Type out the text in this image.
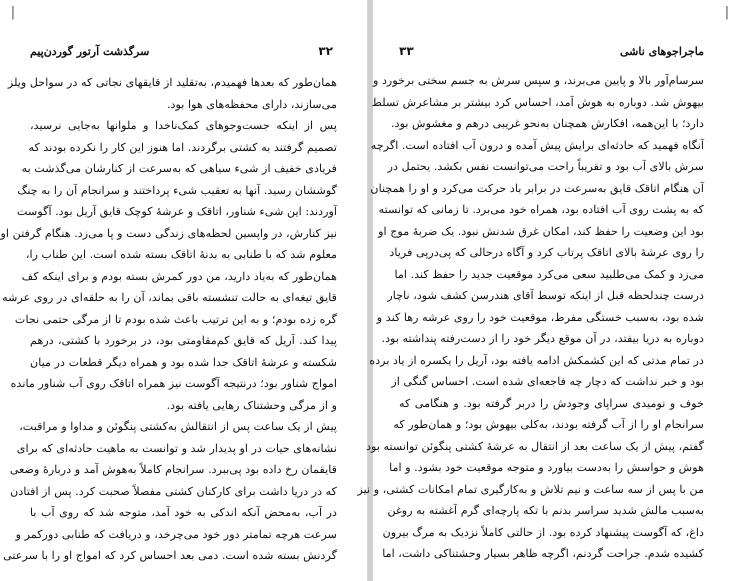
|
۳۲
سرگذشت آرتور گوردن‌پیم
همان‌طور که بعدها فهمیدم، به‌تقلید از قایقهای نجاتی که در سواحل ویلز
می‌سازند، دارای محفظه‌های هوا بود.
پس از اینکه جست‌وجوهای کمک‌ناخدا و ملوانها به‌جایی نرسید،
تصمیم گرفتند به کشتی برگردند. اما هنوز این کار را نکرده بودند که
فریادی خفیف از شیء سیاهی که به‌سرعت از کنارشان می‌گذشت به
گوششان رسید. آنها به تعقیب شیء پرداختند و سرانجام آن را به چنگ
آوردند: این شیء شناور، اتاقک و عرشهٔ کوچک قایق آریل بود. آگوست
نیز کنارش، در واپسین لحظه‌های زندگی دست و پا می‌زد. هنگام گرفتن او
معلوم شد که با طنابی به بدنهٔ اتاقک بسته شده است. این طناب را،
همان‌طور که به‌یاد دارید، من دور کمرش بسته بودم و برای اینکه کف
قایق تیغه‌ای به حالت تنشسته باقی بماند، آن را به حلقه‌ای در روی عرشه
گره زده بودم؛ و به این ترتیب باعث شده بودم تا از مرگی حتمی نجات
پیدا کند. آریل که قایق کم‌مقاومتی بود، در برخورد با کشتی، درهم
شکسته و عرشهٔ اتاقک جدا شده بود و همراه دیگر قطعات در میان
امواج شناور بود؛ درنتیجه آگوست نیز همراه اتاقک روی آب شناور مانده
و از مرگی وحشتناک رهایی یافته بود.
پیش از یک ساعت پس از انتقالش به‌کشتی پنگوئن و مداوا و مراقبت،
نشانه‌های حیات در او پدیدار شد و توانست به ماهیت حادثه‌ای که برای
قایقمان رخ داده بود پی‌ببرد. سرانجام کاملاً به‌هوش آمد و دربارهٔ وضعی
که در دریا داشت برای کارکنان کشتی مفصلاً صحبت کرد. پس از افتادن
در آب، به‌محض آنکه اندکی به خود آمد، متوجه شد که روی آب با
سرعت هرچه تمامتر دور خود می‌چرخد، و دریافت که طنابی دورکمر و
گردنش بسته شده است. دمی بعد احساس کرد که امواج او را با سرعتی
|
ماجراجوهای ناشی
۳۳
سرسام‌آور بالا و پایین می‌برند، و سپس سرش به جسم سختی برخورد و
بیهوش شد. دوباره به هوش آمد، احساس کرد بیشتر بر مشاعرش تسلط
دارد؛ با این‌همه، افکارش همچنان به‌نحو غریبی درهم و مغشوش بود.
آنگاه فهمید که حادثه‌ای برایش پیش آمده و درون آب افتاده است. اگرچه
سرش بالای آب بود و تقریباً راحت می‌توانست نفس بکشد. یحتمل در
آن هنگام اتاقک قایق به‌سرعت در برابر باد حرکت می‌کرد و او را همچنان
که به پشت روی آب افتاده بود، همراه خود می‌برد. تا زمانی که توانسته
بود این وضعیت را حفظ کند، امکان غرق شدنش نبود. یک ضربهٔ موج او
را روی عرشهٔ بالای اتاقک پرتاب کرد و آگاه درحالی که پی‌درپی فریاد
می‌زد و کمک می‌طلبید سعی می‌کرد موقعیت جدید را حفظ کند. اما
درست چندلحظه قبل از اینکه توسط آقای هندرسن کشف شود، ناچار
شده بود، به‌سبب خستگی مفرط، موقعیت خود را روی عرشه رها کند و
دوباره به دریا بیفتد، در آن موقع دیگر خود را از دست‌رفته پنداشته بود.
در تمام مدتی که این کشمکش ادامه یافته بود، آریل را یکسره از یاد برده
بود و خبر نداشت که دچار چه فاجعه‌ای شده است. احساس گنگی از
خوف و نومیدی سراپای وجودش را دربر گرفته بود. و هنگامی که
سرانجام او را از آب گرفته بودند، به‌کلی بیهوش بود؛ و همان‌طور که
گفتم، پیش از یک ساعت بعد از انتقال به عرشهٔ کشتی پنگوئن توانسته بود
هوش و حواسش را به‌دست بیاورد و متوجه موقعیت خود بشود. و اما
من با پس از سه ساعت و نیم تلاش و به‌کارگیری تمام امکانات کشتی، و نیز
به‌سبب مالش شدید سراسر بدنم با تکه پارچه‌ای گرم آغشته به روغن
داغ، که آگوست پیشنهاد کرده بود. از حالتی کاملاً نزدیک به مرگ بیرون
کشیده شدم. جراحت گردنم، اگرچه ظاهر بسیار وحشتناکی داشت، اما
